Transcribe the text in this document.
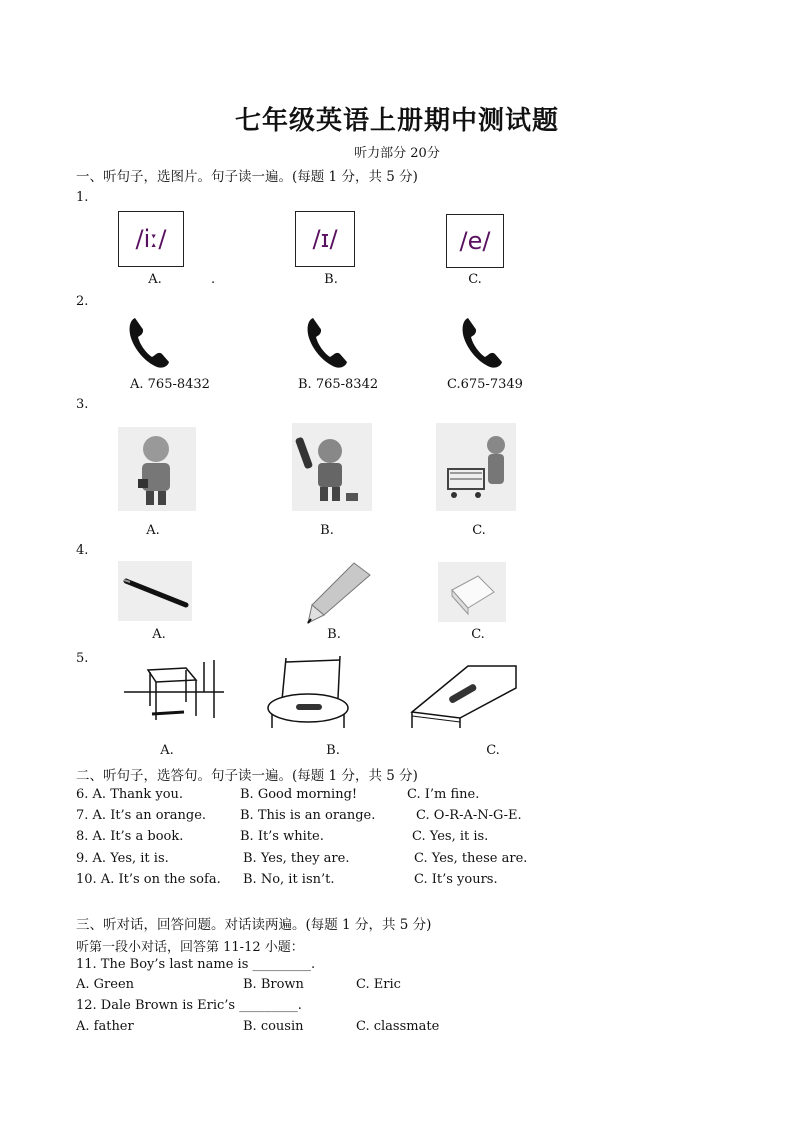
七年级英语上册期中测试题
听力部分 20分
一、听句子，选图片。句子读一遍。(每题 1 分，共 5 分)
1.
/iː/	/ɪ/	/e/
A.	.	B.	C.
2.
A. 765-8432	B. 765-8342	C.675-7349
3.
A.	B.	C.
4.
A.	B.	C.
5.
A.	B.	C.
二、听句子，选答句。句子读一遍。(每题 1 分，共 5 分)
6. A. Thank you.	B. Good morning!	C. I’m fine.
7. A. It’s an orange.	B. This is an orange.	C. O-R-A-N-G-E.
8. A. It’s a book.	B. It’s white.	C. Yes, it is.
9. A. Yes, it is.	B. Yes, they are.	C. Yes, these are.
10. A. It’s on the sofa. B. No, it isn’t.	C. It’s yours.
三、听对话，回答问题。对话读两遍。(每题 1 分，共 5 分)
听第一段小对话，回答第 11-12 小题：
11. The Boy’s last name is _________.
A. Green	B. Brown	C. Eric
12. Dale Brown is Eric’s _________.
A. father	B. cousin	C. classmate
